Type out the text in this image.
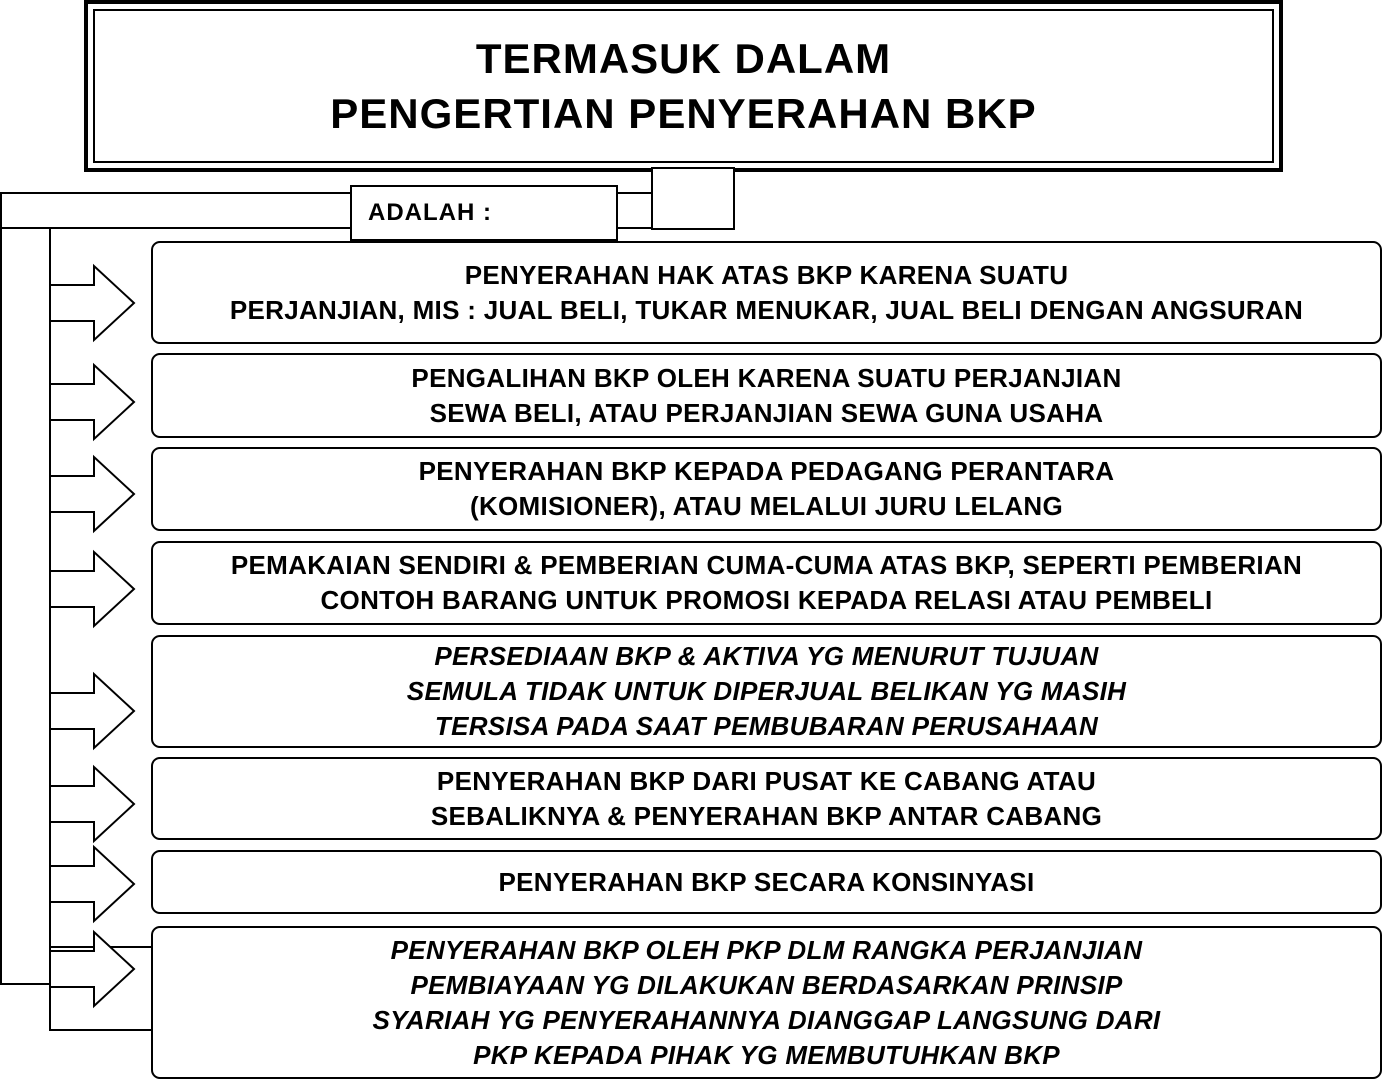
TERMASUK DALAM
PENGERTIAN PENYERAHAN BKP
ADALAH :
PENYERAHAN HAK ATAS BKP KARENA SUATU
PERJANJIAN, MIS : JUAL BELI, TUKAR MENUKAR, JUAL BELI DENGAN ANGSURAN
PENGALIHAN BKP OLEH KARENA SUATU PERJANJIAN
SEWA BELI, ATAU PERJANJIAN SEWA GUNA USAHA
PENYERAHAN BKP KEPADA PEDAGANG PERANTARA
(KOMISIONER), ATAU MELALUI JURU LELANG
PEMAKAIAN SENDIRI & PEMBERIAN CUMA-CUMA ATAS BKP, SEPERTI PEMBERIAN
CONTOH BARANG UNTUK PROMOSI KEPADA RELASI ATAU PEMBELI
PERSEDIAAN BKP & AKTIVA YG MENURUT TUJUAN
SEMULA TIDAK UNTUK DIPERJUAL BELIKAN YG MASIH
TERSISA PADA SAAT PEMBUBARAN PERUSAHAAN
PENYERAHAN BKP DARI PUSAT KE CABANG ATAU
SEBALIKNYA & PENYERAHAN BKP ANTAR CABANG
PENYERAHAN BKP SECARA KONSINYASI
PENYERAHAN BKP OLEH PKP DLM RANGKA PERJANJIAN
PEMBIAYAAN YG DILAKUKAN BERDASARKAN PRINSIP
SYARIAH YG PENYERAHANNYA DIANGGAP LANGSUNG DARI
PKP KEPADA PIHAK YG MEMBUTUHKAN BKP
